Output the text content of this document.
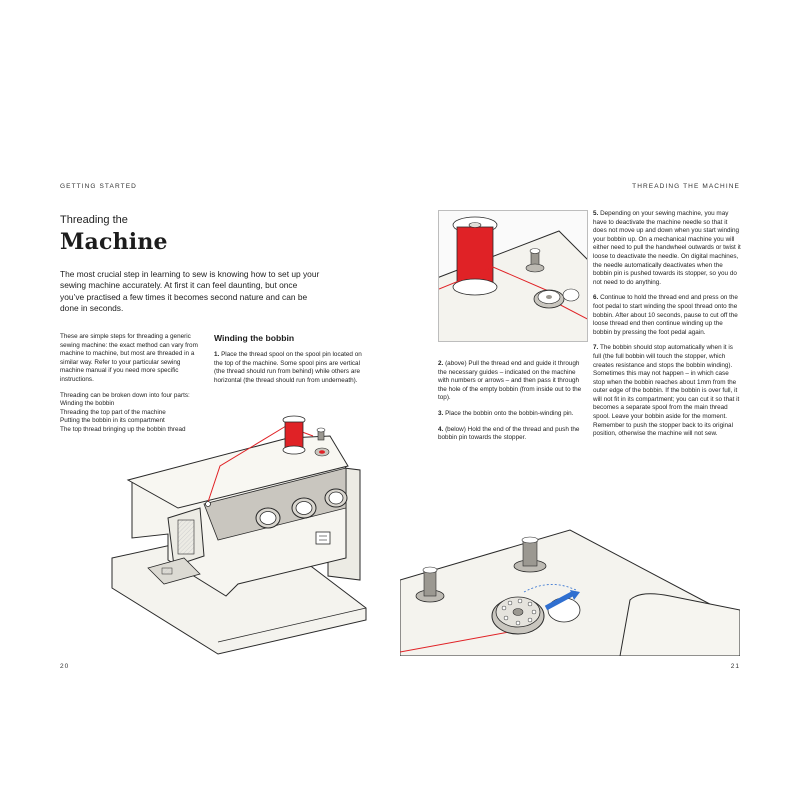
GETTING STARTED	THREADING THE MACHINE
Threading the
Machine
The most crucial step in learning to sew is knowing how to set up your sewing machine accurately. At first it can feel daunting, but once you’ve practised a few times it becomes second nature and can be done in seconds.

These are simple steps for threading a generic sewing machine: the exact method can vary from machine to machine, but most are threaded in a similar way. Refer to your particular sewing machine manual if you need more specific instructions.

Threading can be broken down into four parts:

Winding the bobbin
Threading the top part of the machine
Putting the bobbin in its compartment
The top thread bringing up the bobbin thread
Winding the bobbin
1. Place the thread spool on the spool pin located on the top of the machine. Some spool pins are vertical (the thread should run from behind) while others are horizontal (the thread should run from underneath).

2. (above) Pull the thread end and guide it through the necessary guides – indicated on the machine with numbers or arrows – and then pass it through the hole of the empty bobbin (from inside out to the top).

3. Place the bobbin onto the bobbin-winding pin.

4. (below) Hold the end of the thread and push the bobbin pin towards the stopper.

5. Depending on your sewing machine, you may have to deactivate the machine needle so that it does not move up and down when you start winding your bobbin up. On a mechanical machine you will either need to pull the handwheel outwards or twist it loose to deactivate the needle. On digital machines, the needle automatically deactivates when the bobbin pin is pushed towards its stopper, so you do not need to do anything.

6. Continue to hold the thread end and press on the foot pedal to start winding the spool thread onto the bobbin. After about 10 seconds, pause to cut off the loose thread end then continue winding up the bobbin by pressing the foot pedal again.

7. The bobbin should stop automatically when it is full (the full bobbin will touch the stopper, which creates resistance and stops the bobbin winding). Sometimes this may not happen – in which case stop when the bobbin reaches about 1mm from the outer edge of the bobbin. If the bobbin is over full, it will not fit in its compartment; you can cut it so that it becomes a separate spool from the main thread spool. Leave your bobbin aside for the moment. Remember to push the stopper back to its original position, otherwise the machine will not sew.

20	21
